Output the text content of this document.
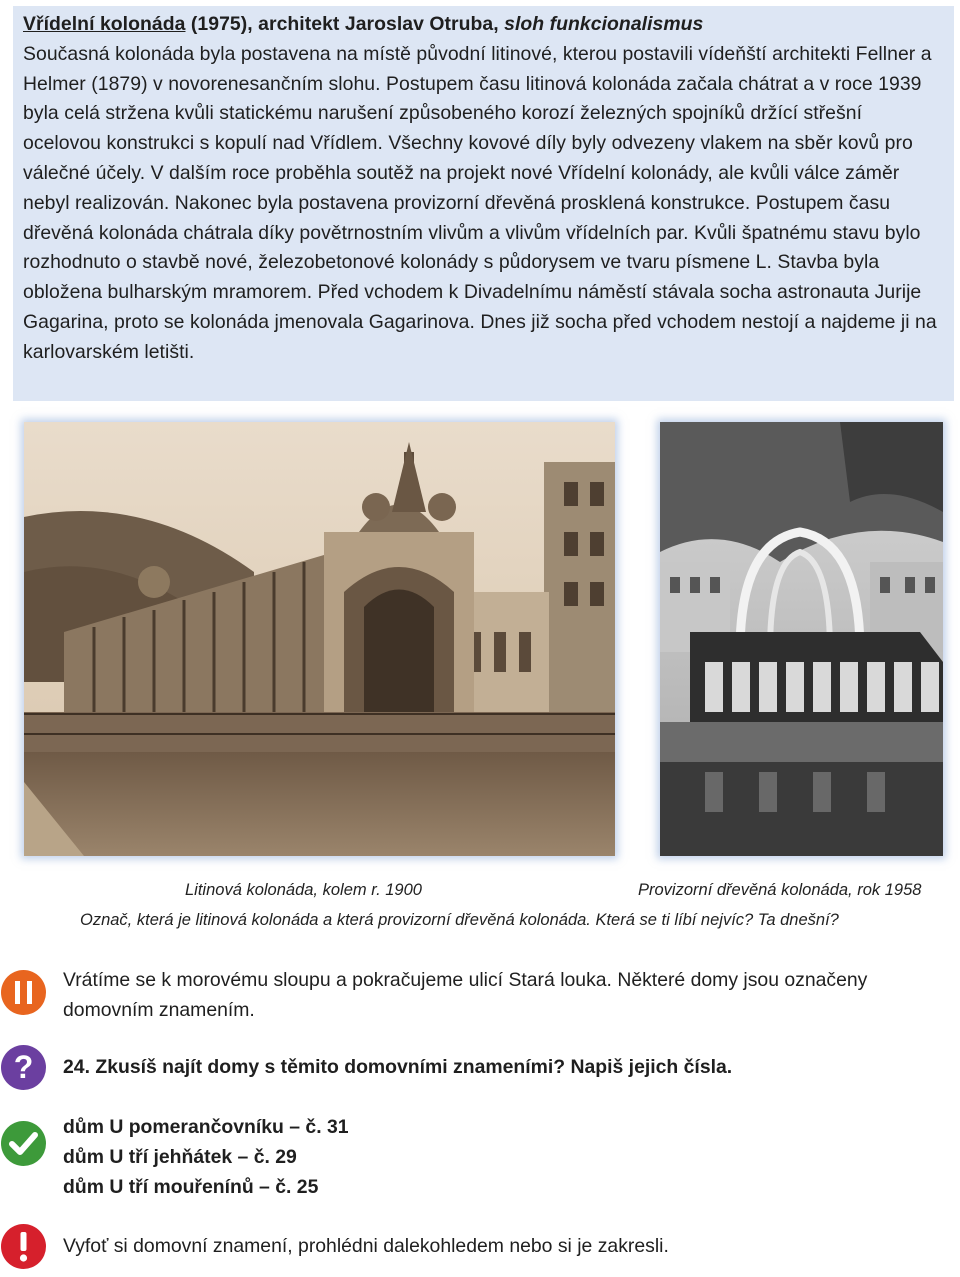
Vřídelní kolonáda (1975), architekt Jaroslav Otruba, sloh funkcionalismus
Současná kolonáda byla postavena na místě původní litinové, kterou postavili vídeňští architekti Fellner a Helmer (1879) v novorenesančním slohu. Postupem času litinová kolonáda začala chátrat a v roce 1939 byla celá stržena kvůli statickému narušení způsobeného korozí železných spojníků držící střešní ocelovou konstrukci s kopulí nad Vřídlem. Všechny kovové díly byly odvezeny vlakem na sběr kovů pro válečné účely. V dalším roce proběhla soutěž na projekt nové Vřídelní kolonády, ale kvůli válce záměr nebyl realizován. Nakonec byla postavena provizorní dřevěná prosklená konstrukce. Postupem času dřevěná kolonáda chátrala díky povětrnostním vlivům a vlivům vřídelních par. Kvůli špatnému stavu bylo rozhodnuto o stavbě nové, železobetonové kolonády s půdorysem ve tvaru písmene L. Stavba byla obložena bulharským mramorem. Před vchodem k Divadelnímu náměstí stávala socha astronauta Jurije Gagarina, proto se kolonáda jmenovala Gagarinova. Dnes již socha před vchodem nestojí a najdeme ji na karlovarském letišti.
Litinová kolonáda, kolem r. 1900	Provizorní dřevěná kolonáda, rok 1958
Označ, která je litinová kolonáda a která provizorní dřevěná kolonáda. Která se ti líbí nejvíc? Ta dnešní?
Vrátíme se k morovému sloupu a pokračujeme ulicí Stará louka. Některé domy jsou označeny domovním znamením.
? 24. Zkusíš najít domy s těmito domovními znameními? Napiš jejich čísla.
dům U pomerančovníku – č. 31
dům U tří jehňátek – č. 29
dům U tří mouřenínů – č. 25
Vyfoť si domovní znamení, prohlédni dalekohledem nebo si je zakresli.
